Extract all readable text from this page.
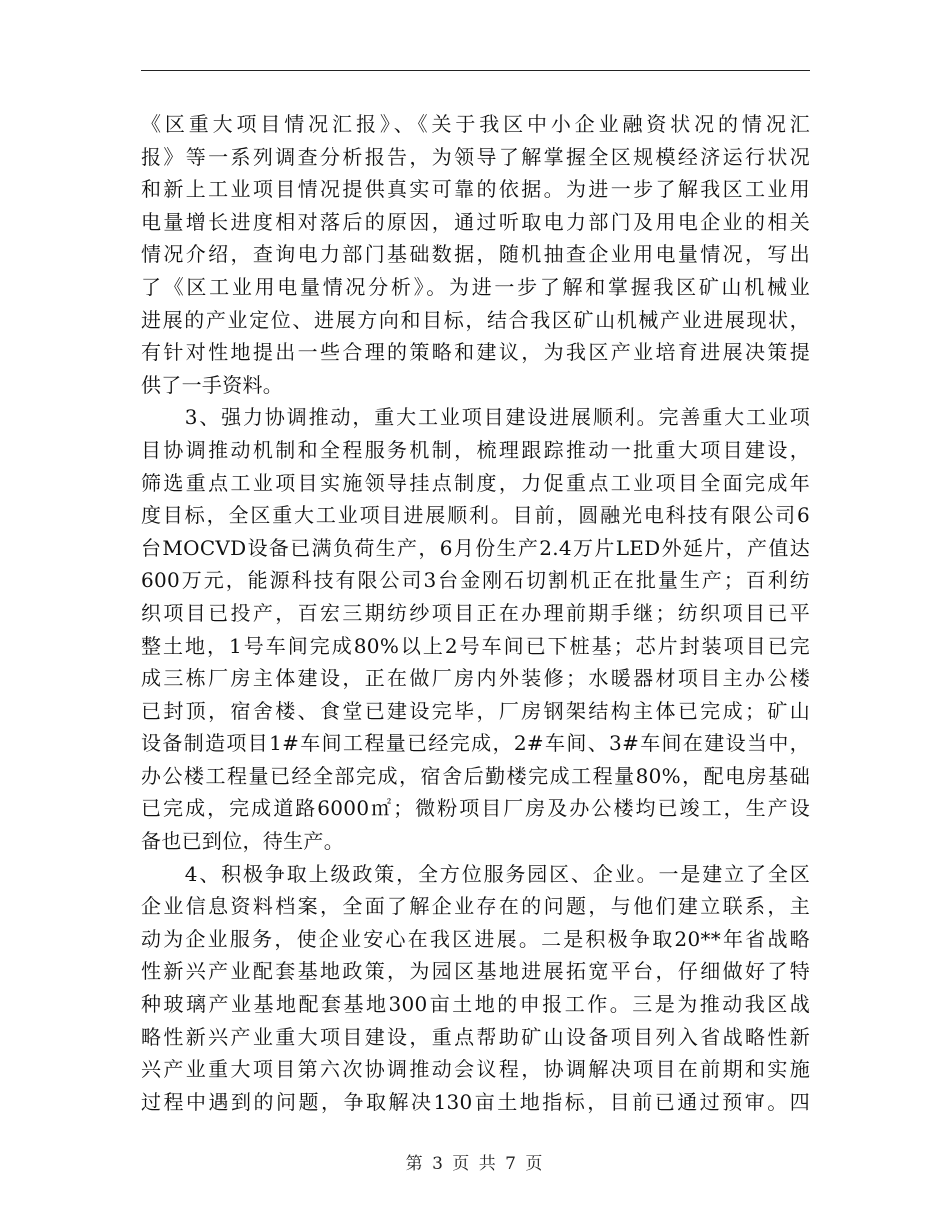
《区重大项目情况汇报》、《关于我区中小企业融资状况的情况汇
报》等一系列调查分析报告，为领导了解掌握全区规模经济运行状况
和新上工业项目情况提供真实可靠的依据。为进一步了解我区工业用
电量增长进度相对落后的原因，通过听取电力部门及用电企业的相关
情况介绍，查询电力部门基础数据，随机抽查企业用电量情况，写出
了《区工业用电量情况分析》。为进一步了解和掌握我区矿山机械业
进展的产业定位、进展方向和目标，结合我区矿山机械产业进展现状，
有针对性地提出一些合理的策略和建议，为我区产业培育进展决策提
供了一手资料。
　　3、强力协调推动，重大工业项目建设进展顺利。完善重大工业项
目协调推动机制和全程服务机制，梳理跟踪推动一批重大项目建设，
筛选重点工业项目实施领导挂点制度，力促重点工业项目全面完成年
度目标，全区重大工业项目进展顺利。目前，圆融光电科技有限公司6
台MOCVD设备已满负荷生产，6月份生产2.4万片LED外延片，产值达
600万元，能源科技有限公司3台金刚石切割机正在批量生产；百利纺
织项目已投产，百宏三期纺纱项目正在办理前期手继；纺织项目已平
整土地，1号车间完成80%以上2号车间已下桩基；芯片封装项目已完
成三栋厂房主体建设，正在做厂房内外装修；水暖器材项目主办公楼
已封顶，宿舍楼、食堂已建设完毕，厂房钢架结构主体已完成；矿山
设备制造项目1#车间工程量已经完成，2#车间、3#车间在建设当中，
办公楼工程量已经全部完成，宿舍后勤楼完成工程量80%，配电房基础
已完成，完成道路6000㎡；微粉项目厂房及办公楼均已竣工，生产设
备也已到位，待生产。
　　4、积极争取上级政策，全方位服务园区、企业。一是建立了全区
企业信息资料档案，全面了解企业存在的问题，与他们建立联系，主
动为企业服务，使企业安心在我区进展。二是积极争取20**年省战略
性新兴产业配套基地政策，为园区基地进展拓宽平台，仔细做好了特
种玻璃产业基地配套基地300亩土地的申报工作。三是为推动我区战
略性新兴产业重大项目建设，重点帮助矿山设备项目列入省战略性新
兴产业重大项目第六次协调推动会议程，协调解决项目在前期和实施
过程中遇到的问题，争取解决130亩土地指标，目前已通过预审。四
第 3 页 共 7 页
